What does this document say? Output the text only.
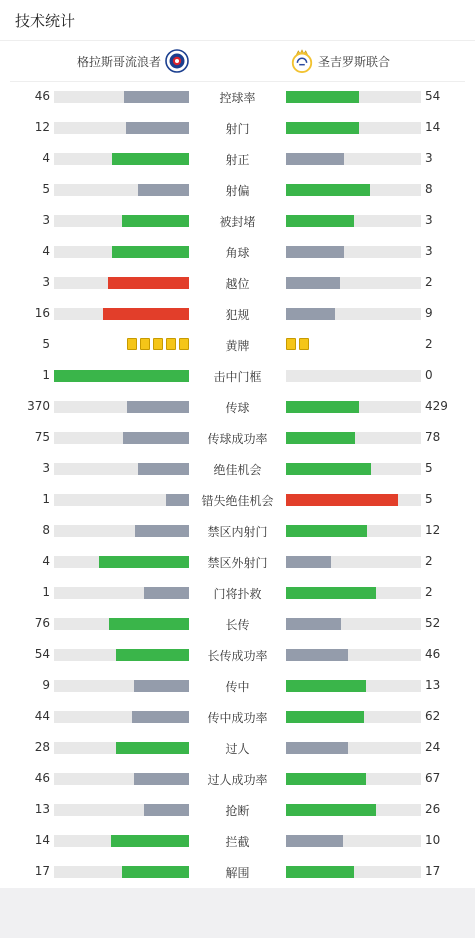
技术统计
格拉斯哥流浪者	圣吉罗斯联合
46	控球率	54
12	射门	14
4	射正	3
5	射偏	8
3	被封堵	3
4	角球	3
3	越位	2
16	犯规	9
5	黄牌	2
1	击中门框	0
370	传球	429
75	传球成功率	78
3	绝佳机会	5
1	错失绝佳机会	5
8	禁区内射门	12
4	禁区外射门	2
1	门将扑救	2
76	长传	52
54	长传成功率	46
9	传中	13
44	传中成功率	62
28	过人	24
46	过人成功率	67
13	抢断	26
14	拦截	10
17	解围	17
